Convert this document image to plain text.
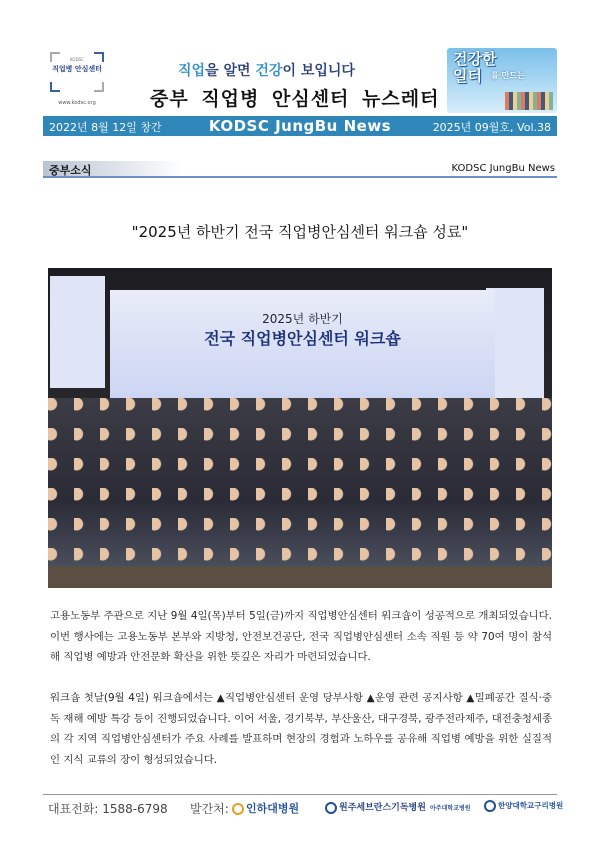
KODSC
직업병 안심센터
www.kodsc.org
직업을 알면 건강이 보입니다
중부 직업병 안심센터 뉴스레터
건강한
일터	를 만드는
2022년 8월 12일 창간	KODSC JungBu News	2025년 09월호, Vol.38
중부소식	KODSC JungBu News
"2025년 하반기 전국 직업병안심센터 워크숍 성료"
2025년 하반기
전국 직업병안심센터 워크숍
고용노동부 주관으로 지난 9월 4일(목)부터 5일(금)까지 직업병안심센터 워크숍이 성공적으로 개최되었습니다. 이번 행사에는 고용노동부 본부와 지방청, 안전보건공단, 전국 직업병안심센터 소속 직원 등 약 70여 명이 참석해 직업병 예방과 안전문화 확산을 위한 뜻깊은 자리가 마련되었습니다.
워크숍 첫날(9월 4일) 워크숍에서는 ▲직업병안심센터 운영 당부사항 ▲운영 관련 공지사항 ▲밀폐공간 질식·중독 재해 예방 특강 등이 진행되었습니다. 이어 서울, 경기북부, 부산울산, 대구경북, 광주전라제주, 대전충청세종의 각 지역 직업병안심센터가 주요 사례를 발표하며 현장의 경험과 노하우를 공유해 직업병 예방을 위한 실질적인 지식 교류의 장이 형성되었습니다.
대표전화: 1588-6798 발간처:	인하대병원	원주세브란스기독병원 아주대학교병원	한양대학교구리병원
